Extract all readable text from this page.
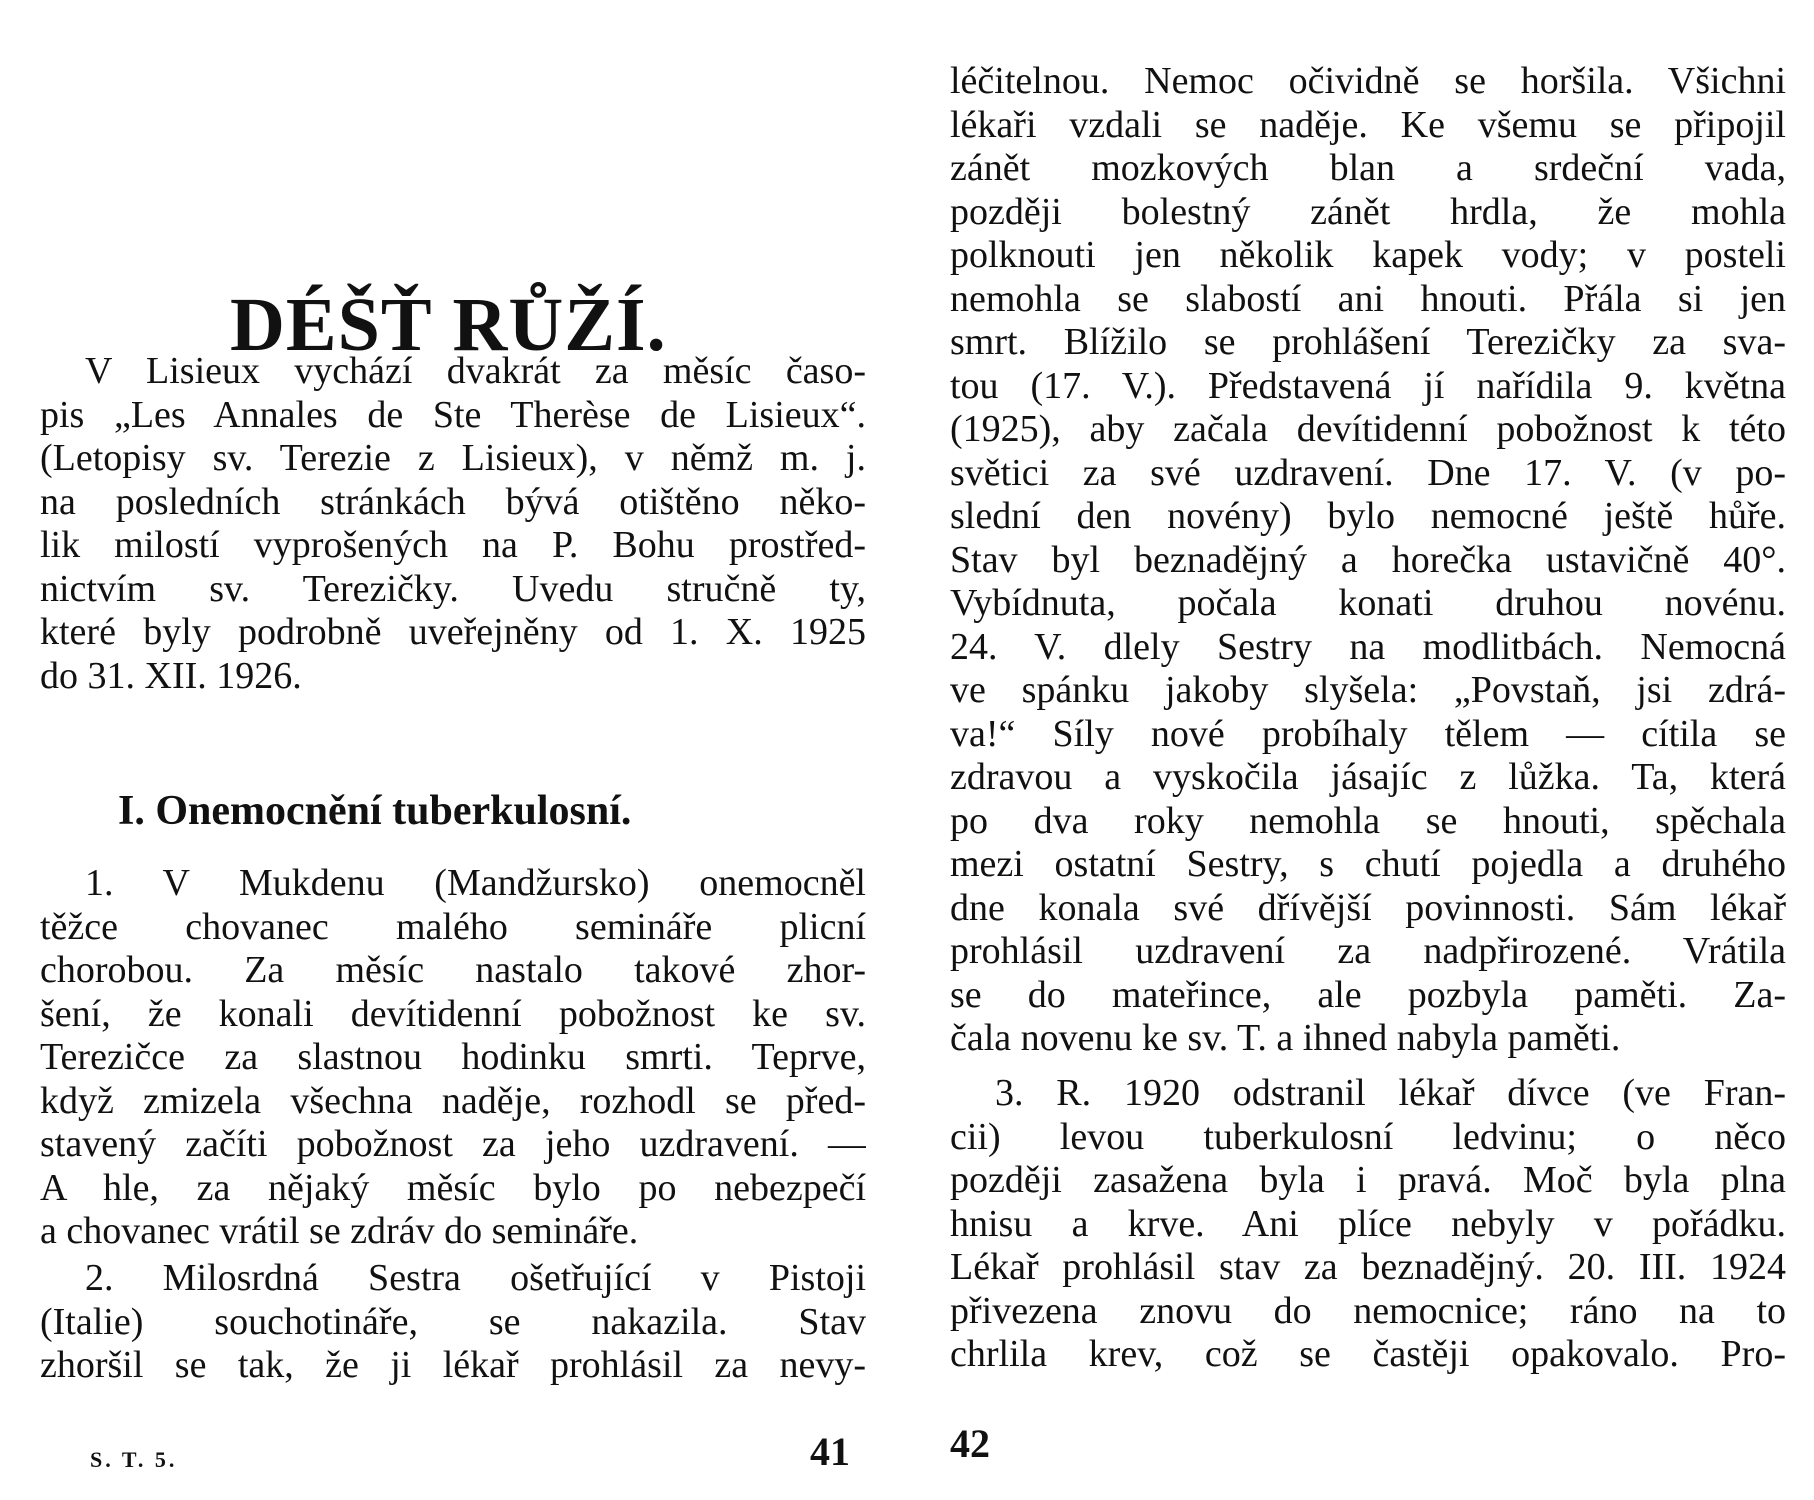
DÉŠŤ RŮŽÍ.
V Lisieux vychází dvakrát za měsíc časo-
pis „Les Annales de Ste Therèse de Lisieux“.
(Letopisy sv. Terezie z Lisieux), v němž m. j.
na posledních stránkách bývá otištěno něko-
lik milostí vyprošených na P. Bohu prostřed-
nictvím sv. Terezičky. Uvedu stručně ty,
které byly podrobně uveřejněny od 1. X. 1925
do 31. XII. 1926.
I. Onemocnění tuberkulosní.
1. V Mukdenu (Mandžursko) onemocněl
těžce chovanec malého semináře plicní
chorobou. Za měsíc nastalo takové zhor-
šení, že konali devítidenní pobožnost ke sv.
Terezičce za slastnou hodinku smrti. Teprve,
když zmizela všechna naděje, rozhodl se před-
stavený začíti pobožnost za jeho uzdravení. —
A hle, za nějaký měsíc bylo po nebezpečí
a chovanec vrátil se zdráv do semináře.
2. Milosrdná Sestra ošetřující v Pistoji
(Italie) souchotináře, se nakazila. Stav
zhoršil se tak, že ji lékař prohlásil za nevy-
S. T. 5.	41
léčitelnou. Nemoc očividně se horšila. Všichni
lékaři vzdali se naděje. Ke všemu se připojil
zánět mozkových blan a srdeční vada,
později bolestný zánět hrdla, že mohla
polknouti jen několik kapek vody; v posteli
nemohla se slabostí ani hnouti. Přála si jen
smrt. Blížilo se prohlášení Terezičky za sva-
tou (17. V.). Představená jí nařídila 9. května
(1925), aby začala devítidenní pobožnost k této
světici za své uzdravení. Dne 17. V. (v po-
slední den novény) bylo nemocné ještě hůře.
Stav byl beznadějný a horečka ustavičně 40°.
Vybídnuta, počala konati druhou novénu.
24. V. dlely Sestry na modlitbách. Nemocná
ve spánku jakoby slyšela: „Povstaň, jsi zdrá-
va!“ Síly nové probíhaly tělem — cítila se
zdravou a vyskočila jásajíc z lůžka. Ta, která
po dva roky nemohla se hnouti, spěchala
mezi ostatní Sestry, s chutí pojedla a druhého
dne konala své dřívější povinnosti. Sám lékař
prohlásil uzdravení za nadpřirozené. Vrátila
se do mateřince, ale pozbyla paměti. Za-
čala novenu ke sv. T. a ihned nabyla paměti.
3. R. 1920 odstranil lékař dívce (ve Fran-
cii) levou tuberkulosní ledvinu; o něco
později zasažena byla i pravá. Moč byla plna
hnisu a krve. Ani plíce nebyly v pořádku.
Lékař prohlásil stav za beznadějný. 20. III. 1924
přivezena znovu do nemocnice; ráno na to
chrlila krev, což se častěji opakovalo. Pro-
42
